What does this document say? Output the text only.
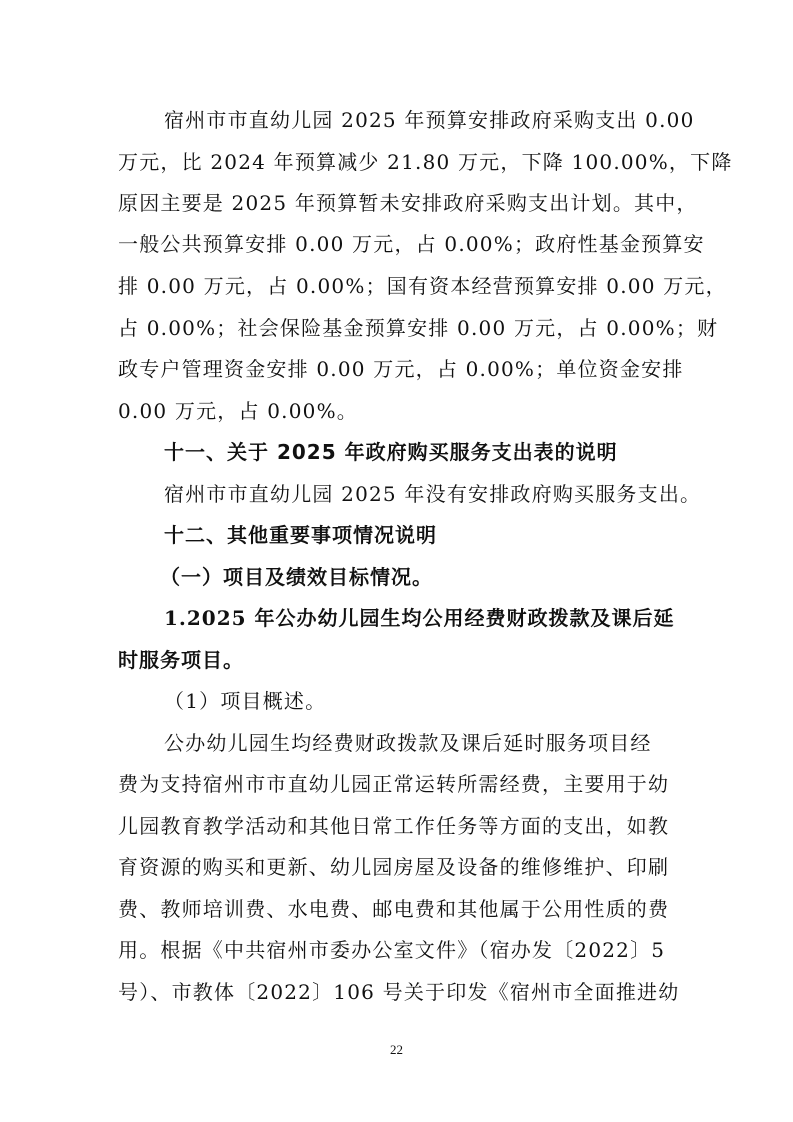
宿州市市直幼儿园 2025 年预算安排政府采购支出 0.00
万元，比 2024 年预算减少 21.80 万元，下降 100.00%，下降
原因主要是 2025 年预算暂未安排政府采购支出计划。其中，
一般公共预算安排 0.00 万元，占 0.00%；政府性基金预算安
排 0.00 万元，占 0.00%；国有资本经营预算安排 0.00 万元，
占 0.00%；社会保险基金预算安排 0.00 万元，占 0.00%；财
政专户管理资金安排 0.00 万元，占 0.00%；单位资金安排
0.00 万元，占 0.00%。
十一、关于 2025 年政府购买服务支出表的说明
宿州市市直幼儿园 2025 年没有安排政府购买服务支出。
十二、其他重要事项情况说明
（一）项目及绩效目标情况。
1.2025 年公办幼儿园生均公用经费财政拨款及课后延
时服务项目。
（1）项目概述。
公办幼儿园生均经费财政拨款及课后延时服务项目经
费为支持宿州市市直幼儿园正常运转所需经费，主要用于幼
儿园教育教学活动和其他日常工作任务等方面的支出，如教
育资源的购买和更新、幼儿园房屋及设备的维修维护、印刷
费、教师培训费、水电费、邮电费和其他属于公用性质的费
用。根据《中共宿州市委办公室文件》（宿办发〔2022〕5
号）、市教体〔2022〕106 号关于印发《宿州市全面推进幼
22
